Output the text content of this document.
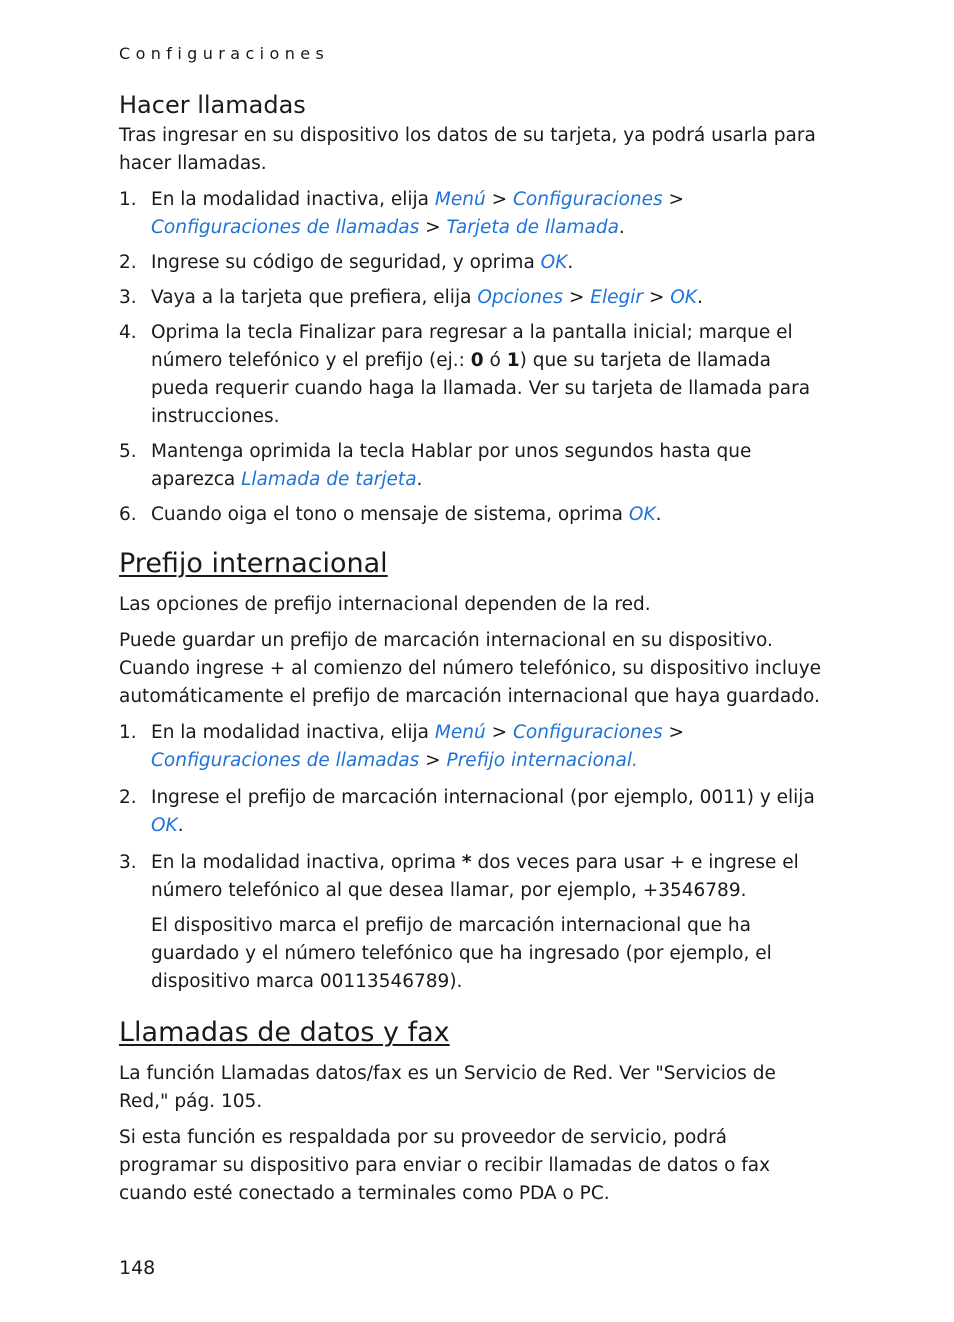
Configuraciones
Hacer llamadas

Tras ingresar en su dispositivo los datos de su tarjeta, ya podrá usarla para hacer llamadas.

1. En la modalidad inactiva, elija Menú > Configuraciones > Configuraciones de llamadas > Tarjeta de llamada.
2. Ingrese su código de seguridad, y oprima OK.
3. Vaya a la tarjeta que prefiera, elija Opciones > Elegir > OK.
4. Oprima la tecla Finalizar para regresar a la pantalla inicial; marque el número telefónico y el prefijo (ej.: 0 ó 1) que su tarjeta de llamada pueda requerir cuando haga la llamada. Ver su tarjeta de llamada para instrucciones.
5. Mantenga oprimida la tecla Hablar por unos segundos hasta que aparezca Llamada de tarjeta.
6. Cuando oiga el tono o mensaje de sistema, oprima OK.
Prefijo internacional

Las opciones de prefijo internacional dependen de la red.

Puede guardar un prefijo de marcación internacional en su dispositivo. Cuando ingrese + al comienzo del número telefónico, su dispositivo incluye automáticamente el prefijo de marcación internacional que haya guardado.

1. En la modalidad inactiva, elija Menú > Configuraciones > Configuraciones de llamadas > Prefijo internacional.
2. Ingrese el prefijo de marcación internacional (por ejemplo, 0011) y elija OK.
3. En la modalidad inactiva, oprima * dos veces para usar + e ingrese el número telefónico al que desea llamar, por ejemplo, +3546789.

El dispositivo marca el prefijo de marcación internacional que ha guardado y el número telefónico que ha ingresado (por ejemplo, el dispositivo marca 00113546789).

Llamadas de datos y fax

La función Llamadas datos/fax es un Servicio de Red. Ver "Servicios de Red," pág. 105.

Si esta función es respaldada por su proveedor de servicio, podrá programar su dispositivo para enviar o recibir llamadas de datos o fax cuando esté conectado a terminales como PDA o PC.

148
